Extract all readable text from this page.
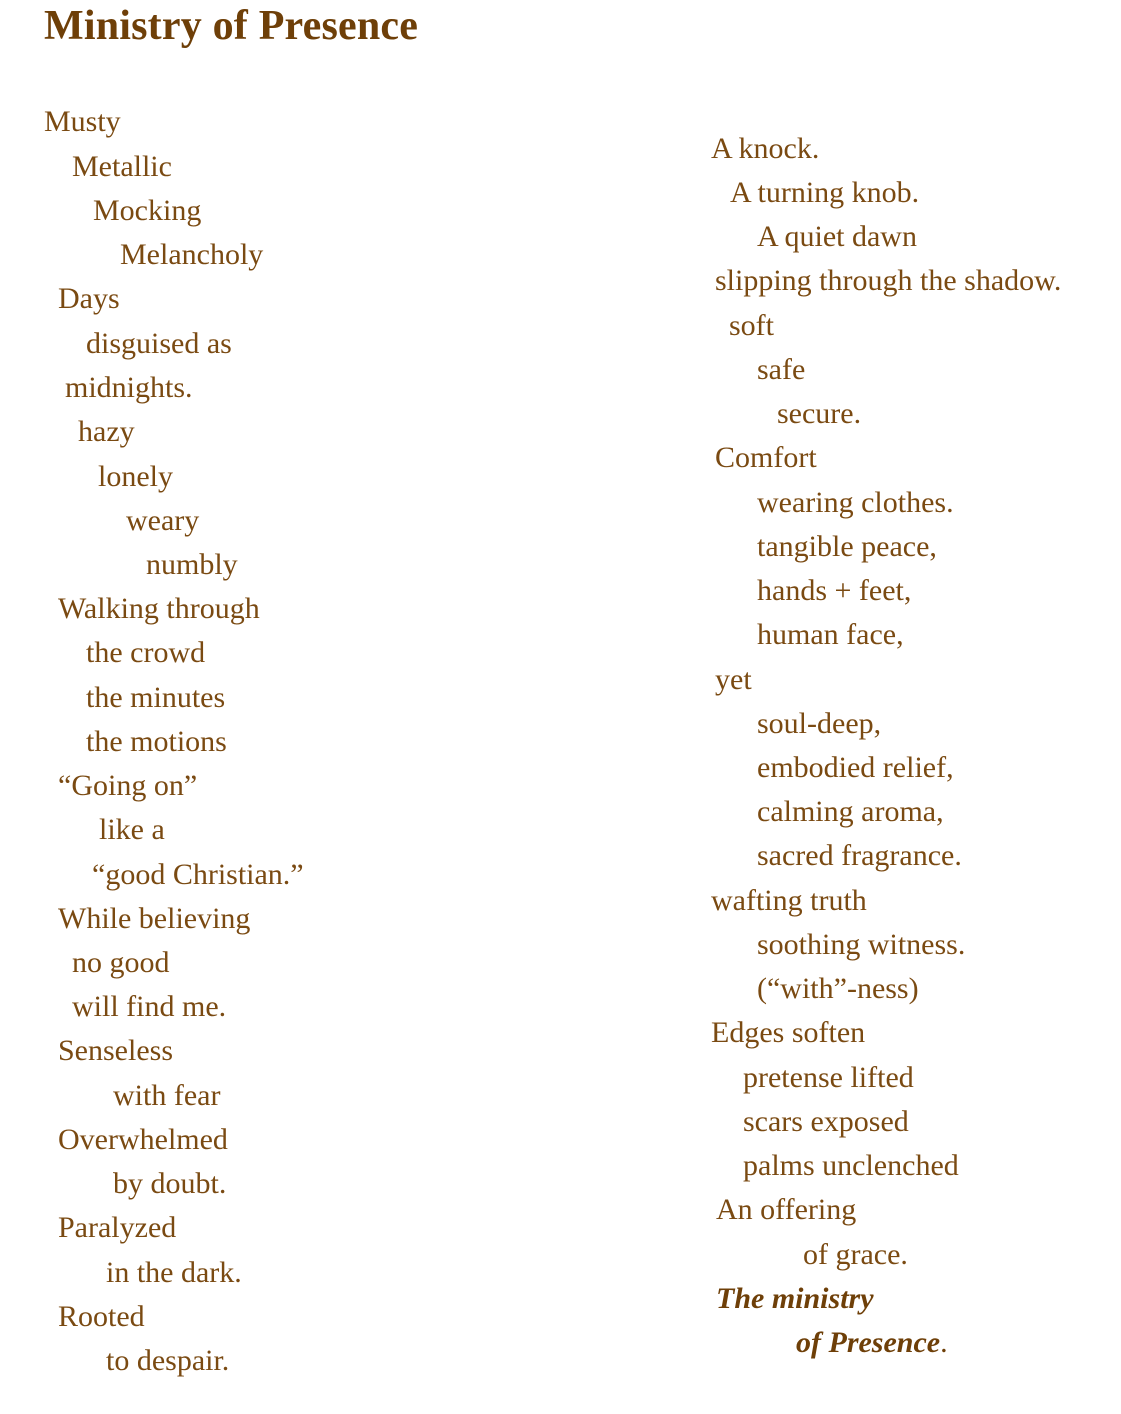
Ministry of Presence
Musty
Metallic
Mocking
Melancholy
Days
disguised as
midnights.
hazy
lonely
weary
numbly
Walking through
the crowd
the minutes
the motions
“Going on”
like a
“good Christian.”
While believing
no good
will find me.
Senseless
with fear
Overwhelmed
by doubt.
Paralyzed
in the dark.
Rooted
to despair.
A knock.
A turning knob.
A quiet dawn
slipping through the shadow.
soft
safe
secure.
Comfort
wearing clothes.
tangible peace,
hands + feet,
human face,
yet
soul-deep,
embodied relief,
calming aroma,
sacred fragrance.
wafting truth
soothing witness.
(“with”-ness)
Edges soften
pretense lifted
scars exposed
palms unclenched
An offering
of grace.
The ministry
of Presence.
